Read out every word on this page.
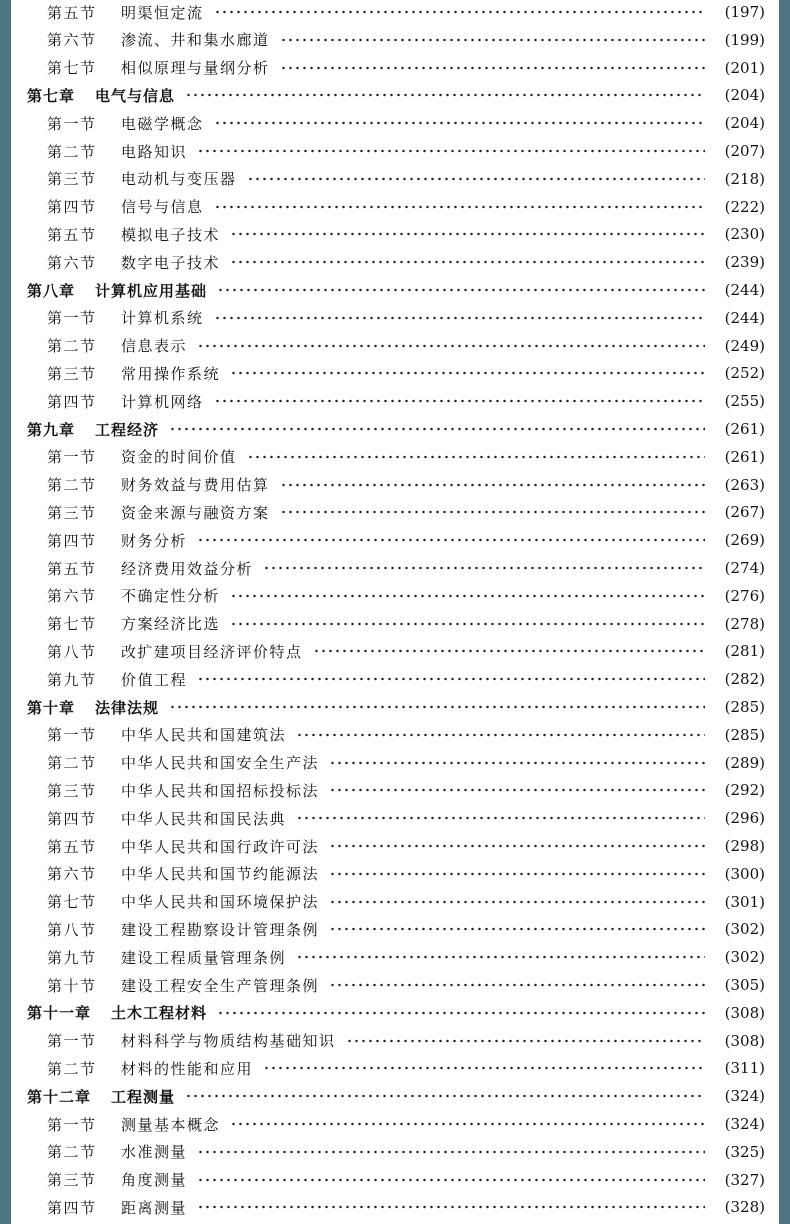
第五节	明渠恒定流	(197)
第六节	渗流、井和集水廊道	(199)
第七节	相似原理与量纲分析	(201)
第七章	电气与信息	(204)
第一节	电磁学概念	(204)
第二节	电路知识	(207)
第三节	电动机与变压器	(218)
第四节	信号与信息	(222)
第五节	模拟电子技术	(230)
第六节	数字电子技术	(239)
第八章	计算机应用基础	(244)
第一节	计算机系统	(244)
第二节	信息表示	(249)
第三节	常用操作系统	(252)
第四节	计算机网络	(255)
第九章	工程经济	(261)
第一节	资金的时间价值	(261)
第二节	财务效益与费用估算	(263)
第三节	资金来源与融资方案	(267)
第四节	财务分析	(269)
第五节	经济费用效益分析	(274)
第六节	不确定性分析	(276)
第七节	方案经济比选	(278)
第八节	改扩建项目经济评价特点	(281)
第九节	价值工程	(282)
第十章	法律法规	(285)
第一节	中华人民共和国建筑法	(285)
第二节	中华人民共和国安全生产法	(289)
第三节	中华人民共和国招标投标法	(292)
第四节	中华人民共和国民法典	(296)
第五节	中华人民共和国行政许可法	(298)
第六节	中华人民共和国节约能源法	(300)
第七节	中华人民共和国环境保护法	(301)
第八节	建设工程勘察设计管理条例	(302)
第九节	建设工程质量管理条例	(302)
第十节	建设工程安全生产管理条例	(305)
第十一章	土木工程材料	(308)
第一节	材料科学与物质结构基础知识	(308)
第二节	材料的性能和应用	(311)
第十二章	工程测量	(324)
第一节	测量基本概念	(324)
第二节	水准测量	(325)
第三节	角度测量	(327)
第四节	距离测量	(328)
